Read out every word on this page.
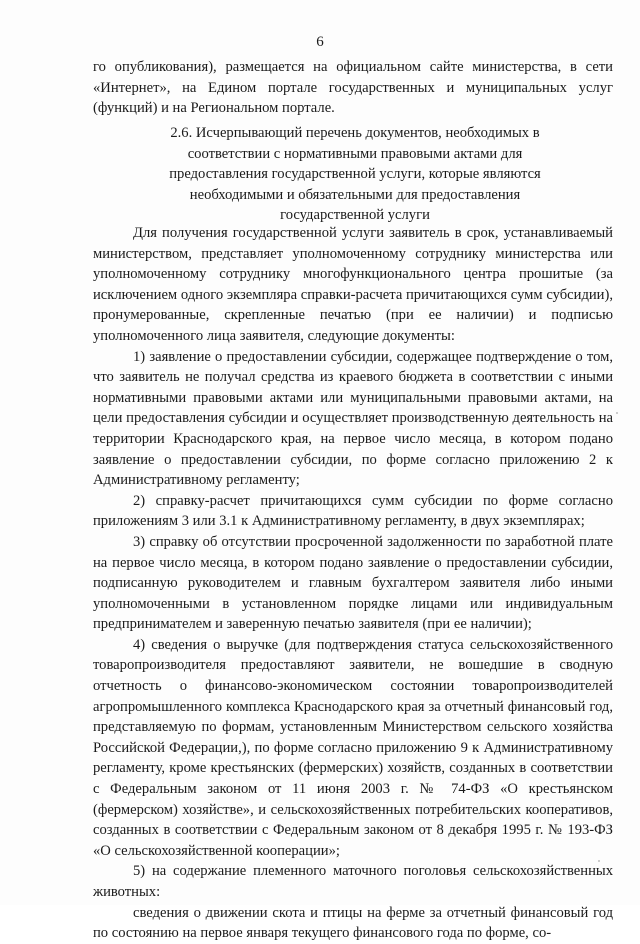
6

го опубликования), размещается на официальном сайте министерства, в сети «Интернет», на Едином портале государственных и муниципальных услуг (функций) и на Региональном портале.

2.6. Исчерпывающий перечень документов, необходимых в
соответствии с нормативными правовыми актами для
предоставления государственной услуги, которые являются
необходимыми и обязательными для предоставления
государственной услуги

Для получения государственной услуги заявитель в срок, устанавливаемый министерством, представляет уполномоченному сотруднику министерства или уполномоченному сотруднику многофункционального центра прошитые (за исключением одного экземпляра справки-расчета причитающихся сумм субсидии), пронумерованные, скрепленные печатью (при ее наличии) и подписью уполномоченного лица заявителя, следующие документы:

1) заявление о предоставлении субсидии, содержащее подтверждение о том, что заявитель не получал средства из краевого бюджета в соответствии с иными нормативными правовыми актами или муниципальными правовыми актами, на цели предоставления субсидии и осуществляет производственную деятельность на территории Краснодарского края, на первое число месяца, в котором подано заявление о предоставлении субсидии, по форме согласно приложению 2 к Административному регламенту;

2) справку-расчет причитающихся сумм субсидии по форме согласно приложениям 3 или 3.1 к Административному регламенту, в двух экземплярах;

3) справку об отсутствии просроченной задолженности по заработной плате на первое число месяца, в котором подано заявление о предоставлении субсидии, подписанную руководителем и главным бухгалтером заявителя либо иными уполномоченными в установленном порядке лицами или индивидуальным предпринимателем и заверенную печатью заявителя (при ее наличии);

4) сведения о выручке (для подтверждения статуса сельскохозяйственного товаропроизводителя предоставляют заявители, не вошедшие в сводную отчетность о финансово-экономическом состоянии товаропроизводителей агропромышленного комплекса Краснодарского края за отчетный финансовый год, представляемую по формам, установленным Министерством сельского хозяйства Российской Федерации,), по форме согласно приложению 9 к Административному регламенту, кроме крестьянских (фермерских) хозяйств, созданных в соответствии с Федеральным законом от 11 июня 2003 г. № 74-ФЗ «О крестьянском (фермерском) хозяйстве», и сельскохозяйственных потребительских кооперативов, созданных в соответствии с Федеральным законом от 8 декабря 1995 г. № 193-ФЗ «О сельскохозяйственной кооперации»;

5) на содержание племенного маточного поголовья сельскохозяйственных животных:

сведения о движении скота и птицы на ферме за отчетный финансовый год по состоянию на первое января текущего финансового года по форме, со-
